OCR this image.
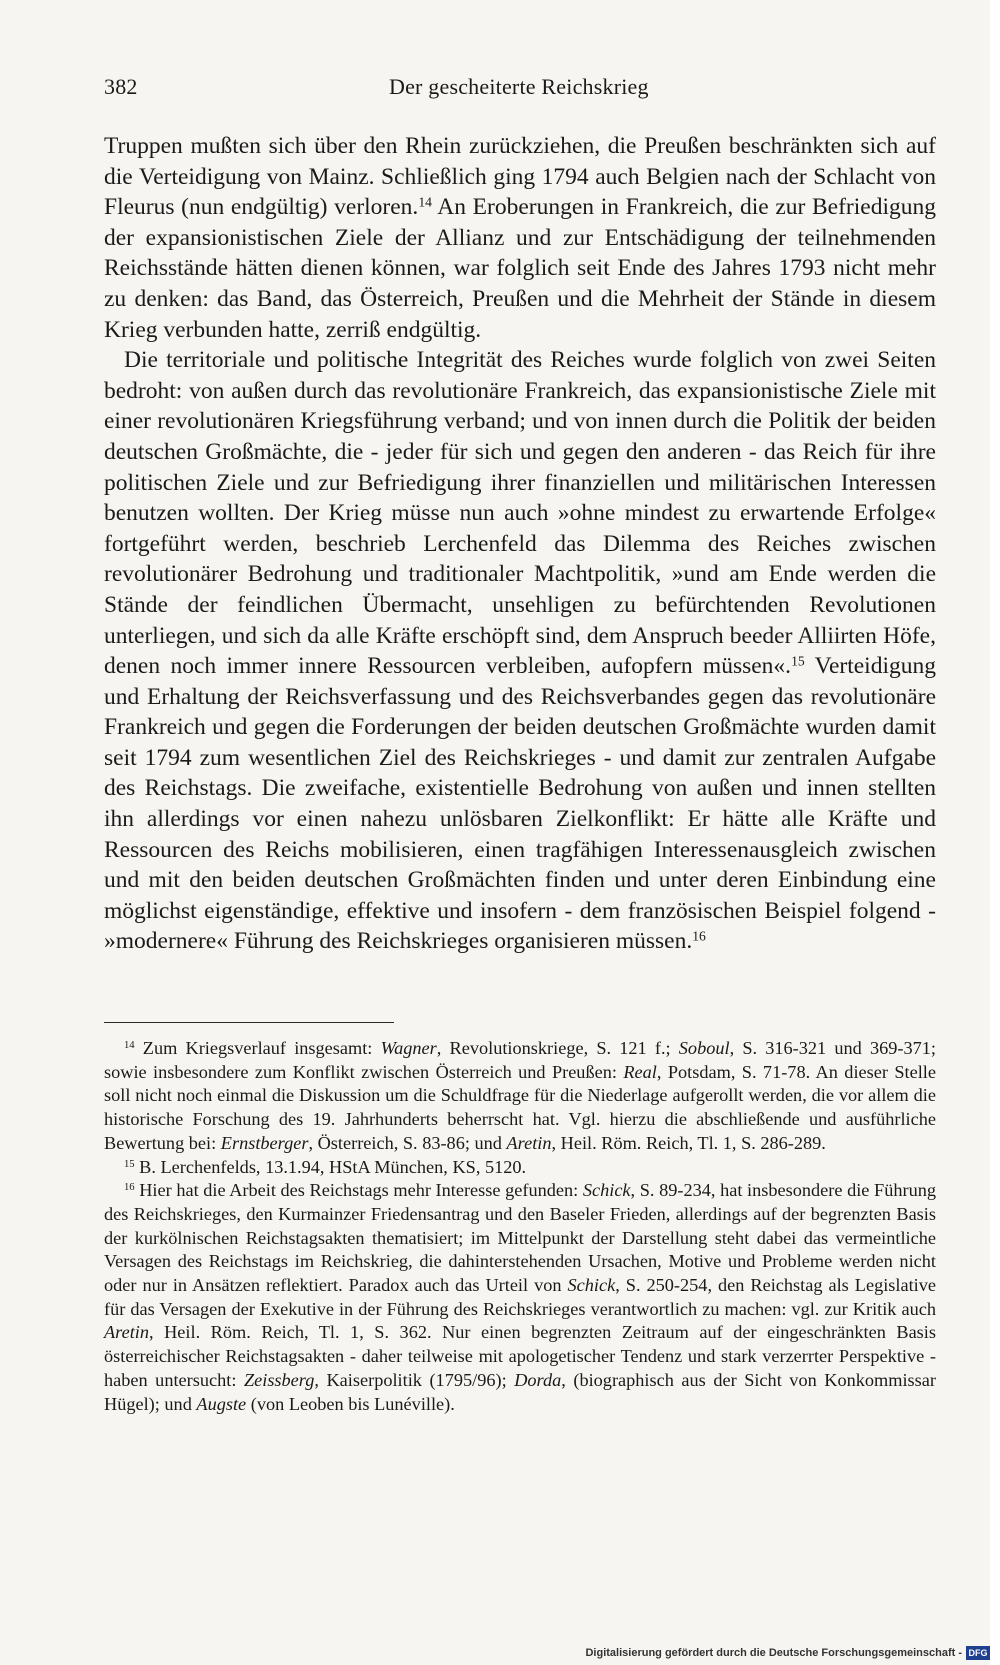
382	Der gescheiterte Reichskrieg

Truppen mußten sich über den Rhein zurückziehen, die Preußen beschränkten sich auf die Verteidigung von Mainz. Schließlich ging 1794 auch Belgien nach der Schlacht von Fleurus (nun endgültig) verloren.$^{14}$ An Eroberungen in Frankreich, die zur Befriedigung der expansionistischen Ziele der Allianz und zur Entschädigung der teilnehmenden Reichsstände hätten dienen können, war folglich seit Ende des Jahres 1793 nicht mehr zu denken: das Band, das Österreich, Preußen und die Mehrheit der Stände in diesem Krieg verbunden hatte, zerriß endgültig.

Die territoriale und politische Integrität des Reiches wurde folglich von zwei Seiten bedroht: von außen durch das revolutionäre Frankreich, das expansionistische Ziele mit einer revolutionären Kriegsführung verband; und von innen durch die Politik der beiden deutschen Großmächte, die - jeder für sich und gegen den anderen - das Reich für ihre politischen Ziele und zur Befriedigung ihrer finanziellen und militärischen Interessen benutzen wollten. Der Krieg müsse nun auch »ohne mindest zu erwartende Erfolge« fortgeführt werden, beschrieb Lerchenfeld das Dilemma des Reiches zwischen revolutionärer Bedrohung und traditionaler Machtpolitik, »und am Ende werden die Stände der feindlichen Übermacht, unsehligen zu befürchtenden Revolutionen unterliegen, und sich da alle Kräfte erschöpft sind, dem Anspruch beeder Alliirten Höfe, denen noch immer innere Ressourcen verbleiben, aufopfern müssen«.$^{15}$ Verteidigung und Erhaltung der Reichsverfassung und des Reichsverbandes gegen das revolutionäre Frankreich und gegen die Forderungen der beiden deutschen Großmächte wurden damit seit 1794 zum wesentlichen Ziel des Reichskrieges - und damit zur zentralen Aufgabe des Reichstags. Die zweifache, existentielle Bedrohung von außen und innen stellten ihn allerdings vor einen nahezu unlösbaren Zielkonflikt: Er hätte alle Kräfte und Ressourcen des Reichs mobilisieren, einen tragfähigen Interessenausgleich zwischen und mit den beiden deutschen Großmächten finden und unter deren Einbindung eine möglichst eigenständige, effektive und insofern - dem französischen Beispiel folgend - »modernere« Führung des Reichskrieges organisieren müssen.$^{16}$

$^{14}$ Zum Kriegsverlauf insgesamt: Wagner, Revolutionskriege, S. 121 f.; Soboul, S. 316-321 und 369-371; sowie insbesondere zum Konflikt zwischen Österreich und Preußen: Real, Potsdam, S. 71-78. An dieser Stelle soll nicht noch einmal die Diskussion um die Schuldfrage für die Niederlage aufgerollt werden, die vor allem die historische Forschung des 19. Jahrhunderts beherrscht hat. Vgl. hierzu die abschließende und ausführliche Bewertung bei: Ernstberger, Österreich, S. 83-86; und Aretin, Heil. Röm. Reich, Tl. 1, S. 286-289.

$^{15}$ B. Lerchenfelds, 13.1.94, HStA München, KS, 5120.

$^{16}$ Hier hat die Arbeit des Reichstags mehr Interesse gefunden: Schick, S. 89-234, hat insbesondere die Führung des Reichskrieges, den Kurmainzer Friedensantrag und den Baseler Frieden, allerdings auf der begrenzten Basis der kurkölnischen Reichstagsakten thematisiert; im Mittelpunkt der Darstellung steht dabei das vermeintliche Versagen des Reichstags im Reichskrieg, die dahinterstehenden Ursachen, Motive und Probleme werden nicht oder nur in Ansätzen reflektiert. Paradox auch das Urteil von Schick, S. 250-254, den Reichstag als Legislative für das Versagen der Exekutive in der Führung des Reichskrieges verantwortlich zu machen: vgl. zur Kritik auch Aretin, Heil. Röm. Reich, Tl. 1, S. 362. Nur einen begrenzten Zeitraum auf der eingeschränkten Basis österreichischer Reichstagsakten - daher teilweise mit apologetischer Tendenz und stark verzerrter Perspektive - haben untersucht: Zeissberg, Kaiserpolitik (1795/96); Dorda, (biographisch aus der Sicht von Konkommissar Hügel); und Augste (von Leoben bis Lunéville).

Digitalisierung gefördert durch die Deutsche Forschungsgemeinschaft - DFG
